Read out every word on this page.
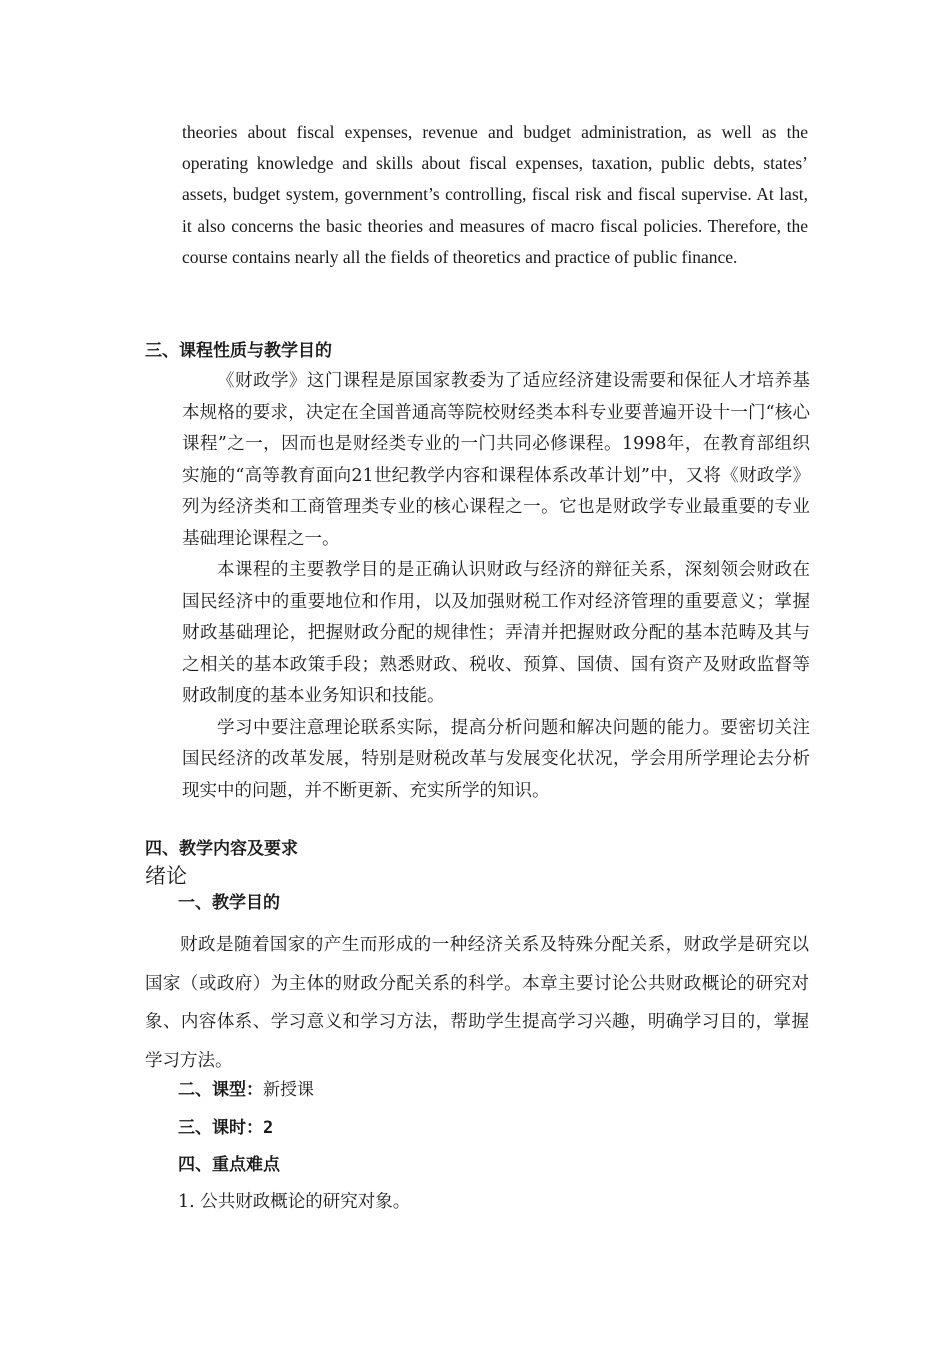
theories about fiscal expenses, revenue and budget administration, as well as the operating knowledge and skills about fiscal expenses, taxation, public debts, states’ assets, budget system, government’s controlling, fiscal risk and fiscal supervise. At last, it also concerns the basic theories and measures of macro fiscal policies. Therefore, the course contains nearly all the fields of theoretics and practice of public finance.

三、课程性质与教学目的

《财政学》这门课程是原国家教委为了适应经济建设需要和保征人才培养基本规格的要求，决定在全国普通高等院校财经类本科专业要普遍开设十一门“核心课程”之一，因而也是财经类专业的一门共同必修课程。1998年，在教育部组织实施的“高等教育面向21世纪教学内容和课程体系改革计划”中，又将《财政学》列为经济类和工商管理类专业的核心课程之一。它也是财政学专业最重要的专业基础理论课程之一。

本课程的主要教学目的是正确认识财政与经济的辩征关系，深刻领会财政在国民经济中的重要地位和作用，以及加强财税工作对经济管理的重要意义；掌握财政基础理论，把握财政分配的规律性；弄清并把握财政分配的基本范畴及其与之相关的基本政策手段；熟悉财政、税收、预算、国债、国有资产及财政监督等财政制度的基本业务知识和技能。

学习中要注意理论联系实际，提高分析问题和解决问题的能力。要密切关注国民经济的改革发展，特别是财税改革与发展变化状况，学会用所学理论去分析现实中的问题，并不断更新、充实所学的知识。

四、教学内容及要求
绪论
一、教学目的

财政是随着国家的产生而形成的一种经济关系及特殊分配关系，财政学是研究以国家（或政府）为主体的财政分配关系的科学。本章主要讨论公共财政概论的研究对象、内容体系、学习意义和学习方法，帮助学生提高学习兴趣，明确学习目的，掌握学习方法。

二、课型：新授课
三、课时：2
四、重点难点

1. 公共财政概论的研究对象。
